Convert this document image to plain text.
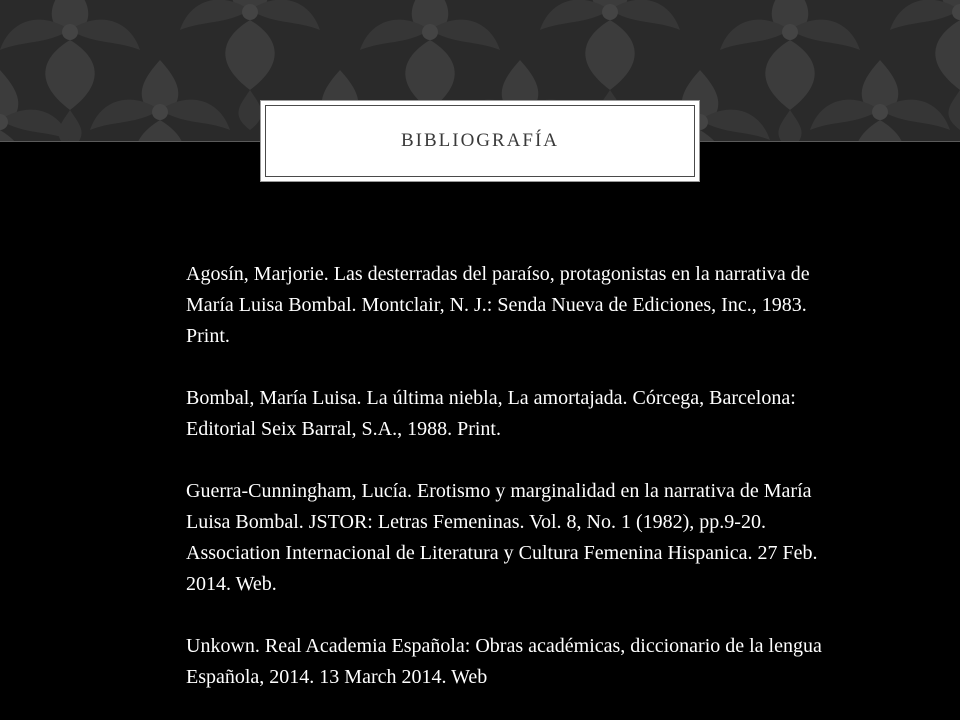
BIBLIOGRAFÍA

Agosín, Marjorie. Las desterradas del paraíso, protagonistas en la narrativa de María Luisa Bombal. Montclair, N. J.: Senda Nueva de Ediciones, Inc., 1983. Print.

Bombal, María Luisa. La última niebla, La amortajada. Córcega, Barcelona: Editorial Seix Barral, S.A., 1988. Print.

Guerra-Cunningham, Lucía. Erotismo y marginalidad en la narrativa de María Luisa Bombal. JSTOR: Letras Femeninas. Vol. 8, No. 1 (1982), pp.9-20. Association Internacional de Literatura y Cultura Femenina Hispanica. 27 Feb. 2014. Web.

Unkown. Real Academia Española: Obras académicas, diccionario de la lengua Española, 2014. 13 March 2014. Web
